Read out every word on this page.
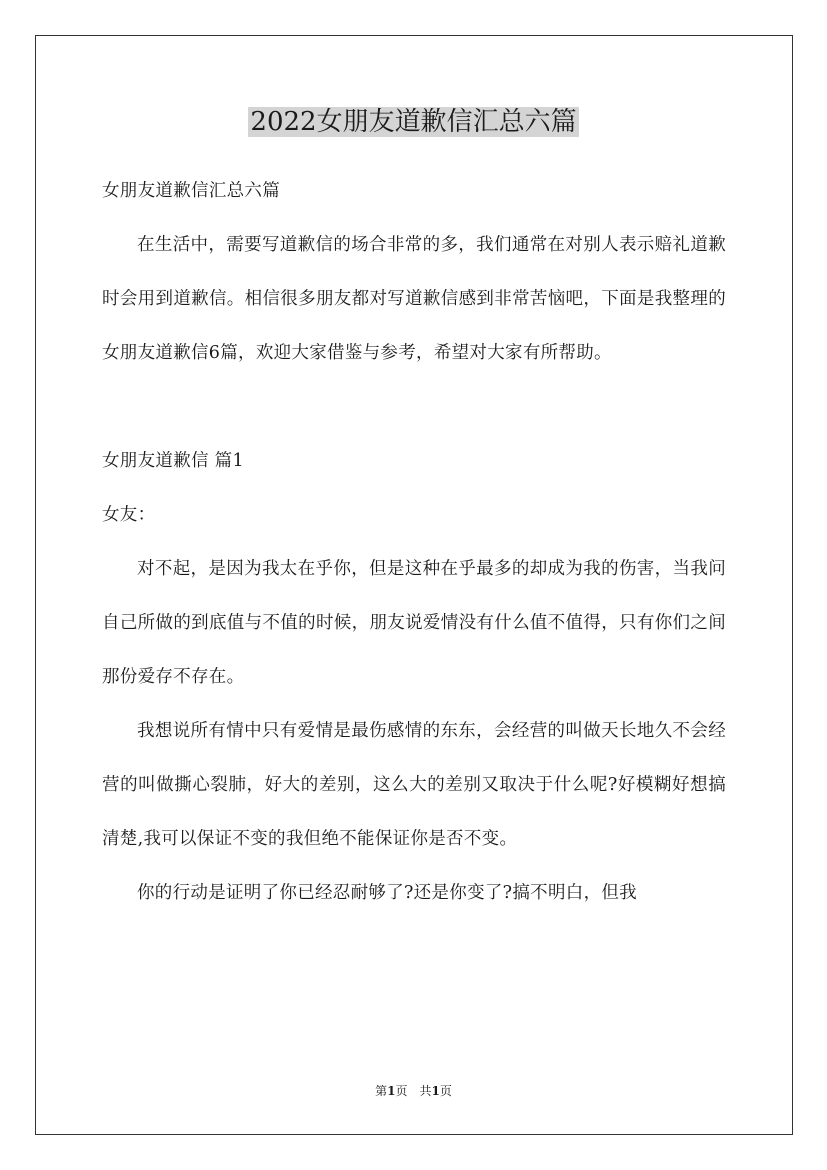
2022女朋友道歉信汇总六篇

女朋友道歉信汇总六篇

在生活中，需要写道歉信的场合非常的多，我们通常在对别人表示赔礼道歉时会用到道歉信。相信很多朋友都对写道歉信感到非常苦恼吧，下面是我整理的女朋友道歉信6篇，欢迎大家借鉴与参考，希望对大家有所帮助。

女朋友道歉信 篇1

女友：

对不起，是因为我太在乎你，但是这种在乎最多的却成为我的伤害，当我问自己所做的到底值与不值的时候，朋友说爱情没有什么值不值得，只有你们之间那份爱存不存在。

我想说所有情中只有爱情是最伤感情的东东，会经营的叫做天长地久不会经营的叫做撕心裂肺，好大的差别，这么大的差别又取决于什么呢?好模糊好想搞清楚,我可以保证不变的我但绝不能保证你是否不变。

你的行动是证明了你已经忍耐够了?还是你变了?搞不明白，但我

第1页　共1页
